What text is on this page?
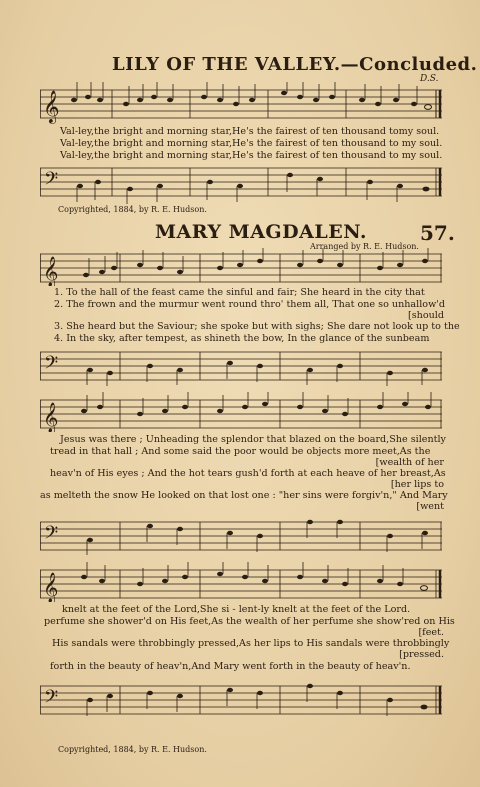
LILY OF THE VALLEY.—Concluded.
D.S.
𝄞
Val-ley,the bright and morning star,He's the fairest of ten thousand tomy soul.
Val-ley,the bright and morning star,He's the fairest of ten thousand to my soul.
Val-ley,the bright and morning star,He's the fairest of ten thousand to my soul.
𝄢
Copyrighted, 1884, by R. E. Hudson.
MARY MAGDALEN.	57.
Arranged by R. E. Hudson.
𝄞
1. To the hall of the feast came the sinful and fair; She heard in the city that
2. The frown and the murmur went round thro' them all, That one so unhallow'd
[should
3. She heard but the Saviour; she spoke but with sighs; She dare not look up to the
4. In the sky, after tempest, as shineth the bow, In the glance of the sunbeam
𝄢
𝄞
Jesus was there ; Unheading the splendor that blazed on the board,She silently
tread in that hall ; And some said the poor would be objects more meet,As the
[wealth of her
heav'n of His eyes ; And the hot tears gush'd forth at each heave of her breast,As
[her lips to
as melteth the snow He looked on that lost one : "her sins were forgiv'n," And Mary
[went
𝄢
𝄞
knelt at the feet of the Lord,She si - lent-ly knelt at the feet of the Lord.
perfume she shower'd on His feet,As the wealth of her perfume she show'red on His
[feet.
His sandals were throbbingly pressed,As her lips to His sandals were throbbingly
[pressed.
forth in the beauty of heav'n,And Mary went forth in the beauty of heav'n.
𝄢
Copyrighted, 1884, by R. E. Hudson.
